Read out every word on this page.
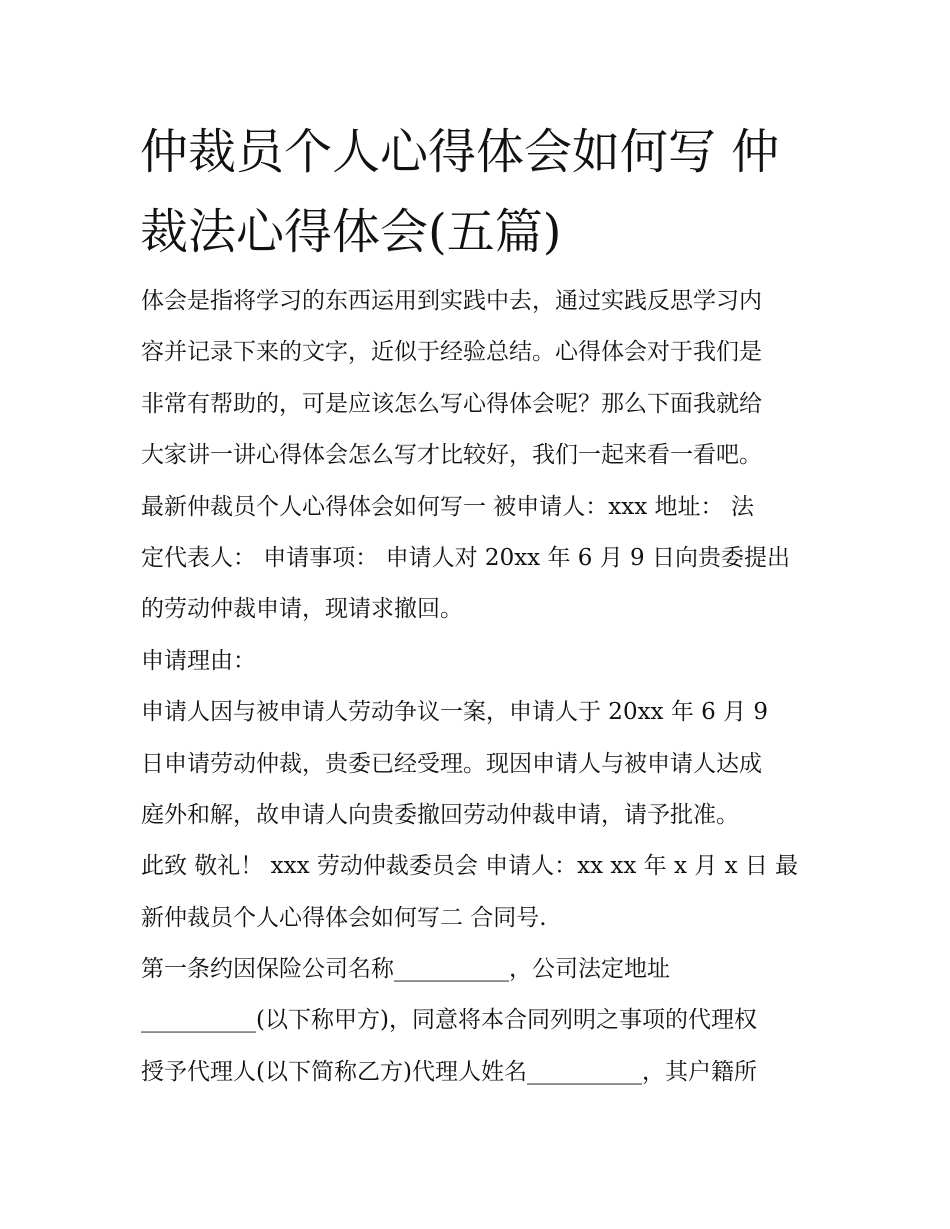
仲裁员个人心得体会如何写 仲
裁法心得体会(五篇)
体会是指将学习的东西运用到实践中去，通过实践反思学习内
容并记录下来的文字，近似于经验总结。心得体会对于我们是
非常有帮助的，可是应该怎么写心得体会呢？那么下面我就给
大家讲一讲心得体会怎么写才比较好，我们一起来看一看吧。
最新仲裁员个人心得体会如何写一 被申请人：xxx 地址： 法
定代表人： 申请事项： 申请人对 20xx 年 6 月 9 日向贵委提出
的劳动仲裁申请，现请求撤回。
申请理由：
申请人因与被申请人劳动争议一案，申请人于 20xx 年 6 月 9
日申请劳动仲裁，贵委已经受理。现因申请人与被申请人达成
庭外和解，故申请人向贵委撤回劳动仲裁申请，请予批准。
此致 敬礼！ xxx 劳动仲裁委员会 申请人：xx xx 年 x 月 x 日 最
新仲裁员个人心得体会如何写二 合同号.
第一条约因保险公司名称__________，公司法定地址
__________(以下称甲方)，同意将本合同列明之事项的代理权
授予代理人(以下简称乙方)代理人姓名__________，其户籍所
